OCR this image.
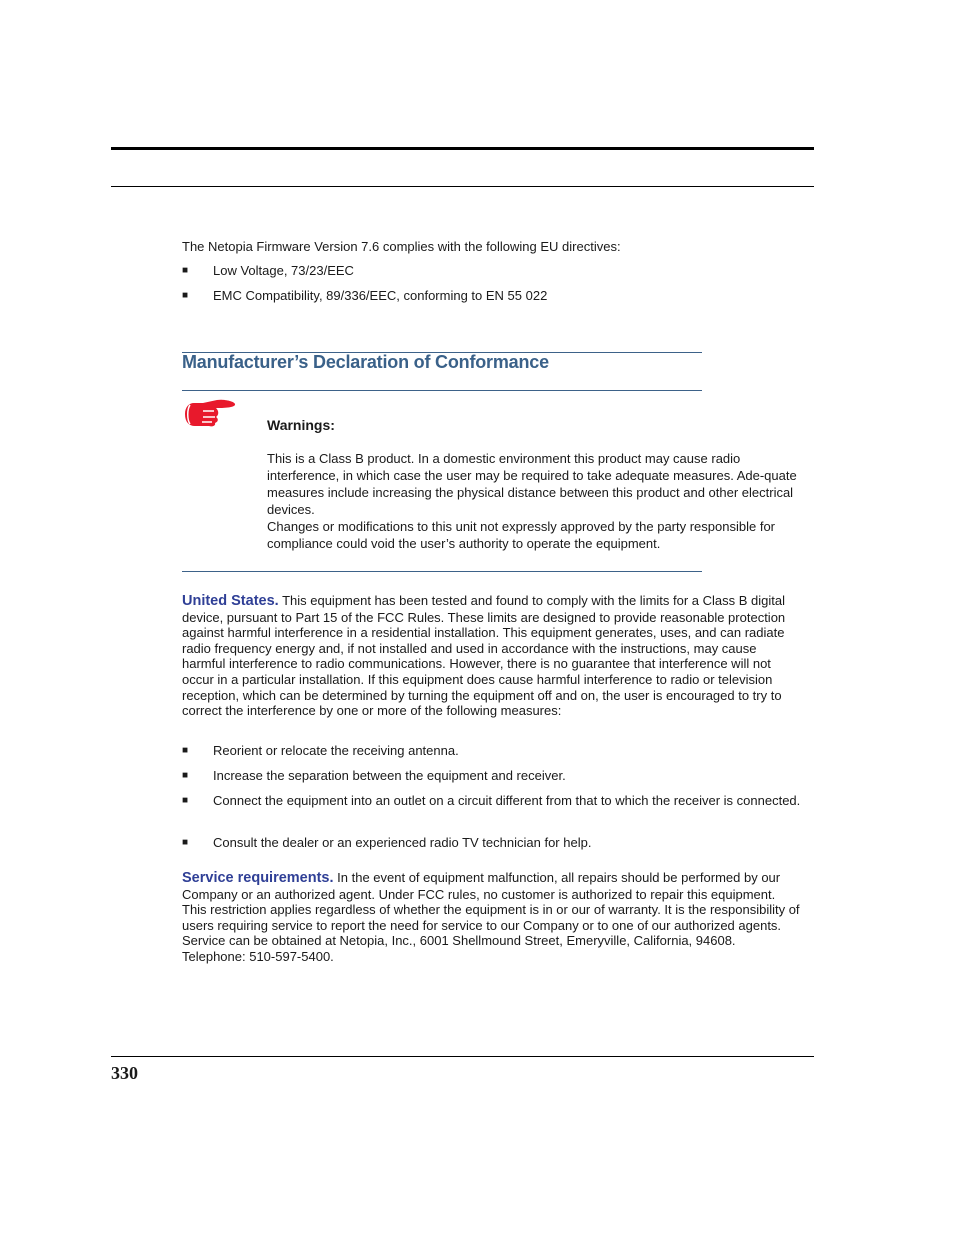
The Netopia Firmware Version 7.6 complies with the following EU directives:

■	Low Voltage, 73/23/EEC
■	EMC Compatibility, 89/336/EEC, conforming to EN 55 022
Manufacturer’s Declaration of Conformance
Warnings:

This is a Class B product. In a domestic environment this product may cause radio interference, in which case the user may be required to take adequate measures. Ade-quate measures include increasing the physical distance between this product and other electrical devices.

Changes or modifications to this unit not expressly approved by the party responsible for compliance could void the user’s authority to operate the equipment.

United States. This equipment has been tested and found to comply with the limits for a Class B digital device, pursuant to Part 15 of the FCC Rules. These limits are designed to provide reasonable protection against harmful interference in a residential installation. This equipment generates, uses, and can radiate radio frequency energy and, if not installed and used in accordance with the instructions, may cause harmful interference to radio communications. However, there is no guarantee that interference will not occur in a particular installation. If this equipment does cause harmful interference to radio or television reception, which can be determined by turning the equipment off and on, the user is encouraged to try to correct the interference by one or more of the following measures:

■	Reorient or relocate the receiving antenna.
■	Increase the separation between the equipment and receiver.
■	Connect the equipment into an outlet on a circuit different from that to which the receiver is connected.
■	Consult the dealer or an experienced radio TV technician for help.

Service requirements. In the event of equipment malfunction, all repairs should be performed by our Company or an authorized agent. Under FCC rules, no customer is authorized to repair this equipment. This restriction applies regardless of whether the equipment is in or our of warranty. It is the responsibility of users requiring service to report the need for service to our Company or to one of our authorized agents. Service can be obtained at Netopia, Inc., 6001 Shellmound Street, Emeryville, California, 94608. Telephone: 510-597-5400.

330
